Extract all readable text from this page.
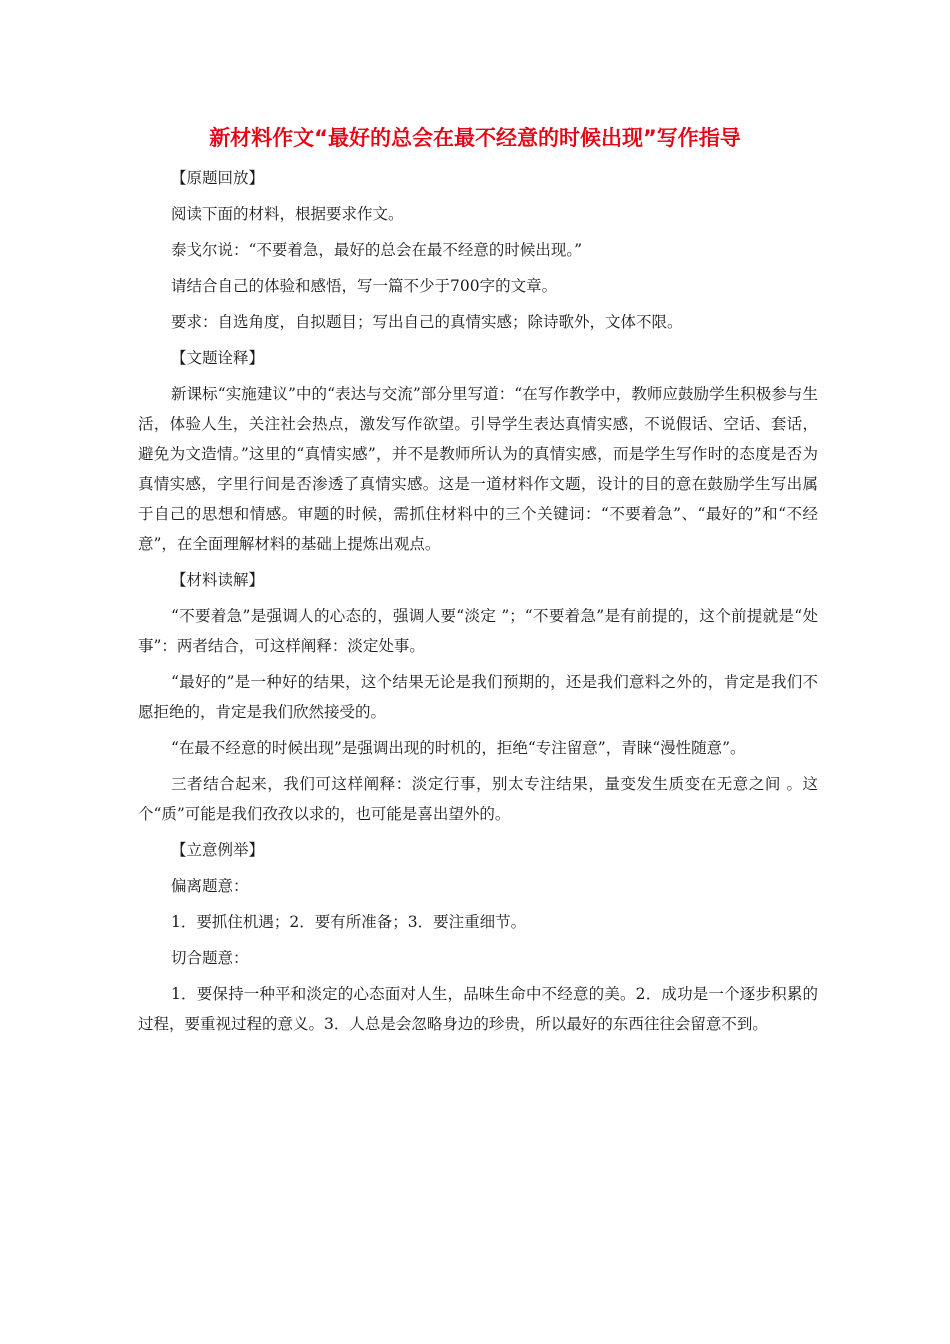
新材料作文“最好的总会在最不经意的时候出现”写作指导

【原题回放】

阅读下面的材料，根据要求作文。

泰戈尔说：“不要着急，最好的总会在最不经意的时候出现。”

请结合自己的体验和感悟，写一篇不少于700字的文章。

要求：自选角度，自拟题目；写出自己的真情实感；除诗歌外，文体不限。

【文题诠释】

新课标“实施建议”中的“表达与交流”部分里写道：“在写作教学中，教师应鼓励学生积极参与生活，体验人生，关注社会热点，激发写作欲望。引导学生表达真情实感，不说假话、空话、套话，避免为文造情。”这里的“真情实感”，并不是教师所认为的真情实感，而是学生写作时的态度是否为真情实感，字里行间是否渗透了真情实感。这是一道材料作文题，设计的目的意在鼓励学生写出属于自己的思想和情感。审题的时候，需抓住材料中的三个关键词：“不要着急”、“最好的”和“不经意”，在全面理解材料的基础上提炼出观点。

【材料读解】

“不要着急”是强调人的心态的，强调人要“淡定 ”；“不要着急”是有前提的，这个前提就是“处事”：两者结合，可这样阐释：淡定处事。

“最好的”是一种好的结果，这个结果无论是我们预期的，还是我们意料之外的，肯定是我们不愿拒绝的，肯定是我们欣然接受的。

“在最不经意的时候出现”是强调出现的时机的，拒绝“专注留意”，青睐“漫性随意”。

三者结合起来，我们可这样阐释：淡定行事，别太专注结果，量变发生质变在无意之间 。这个“质”可能是我们孜孜以求的，也可能是喜出望外的。

【立意例举】

偏离题意：

1．要抓住机遇；2．要有所准备；3．要注重细节。

切合题意：

1．要保持一种平和淡定的心态面对人生，品味生命中不经意的美。2．成功是一个逐步积累的过程，要重视过程的意义。3．人总是会忽略身边的珍贵，所以最好的东西往往会留意不到。
